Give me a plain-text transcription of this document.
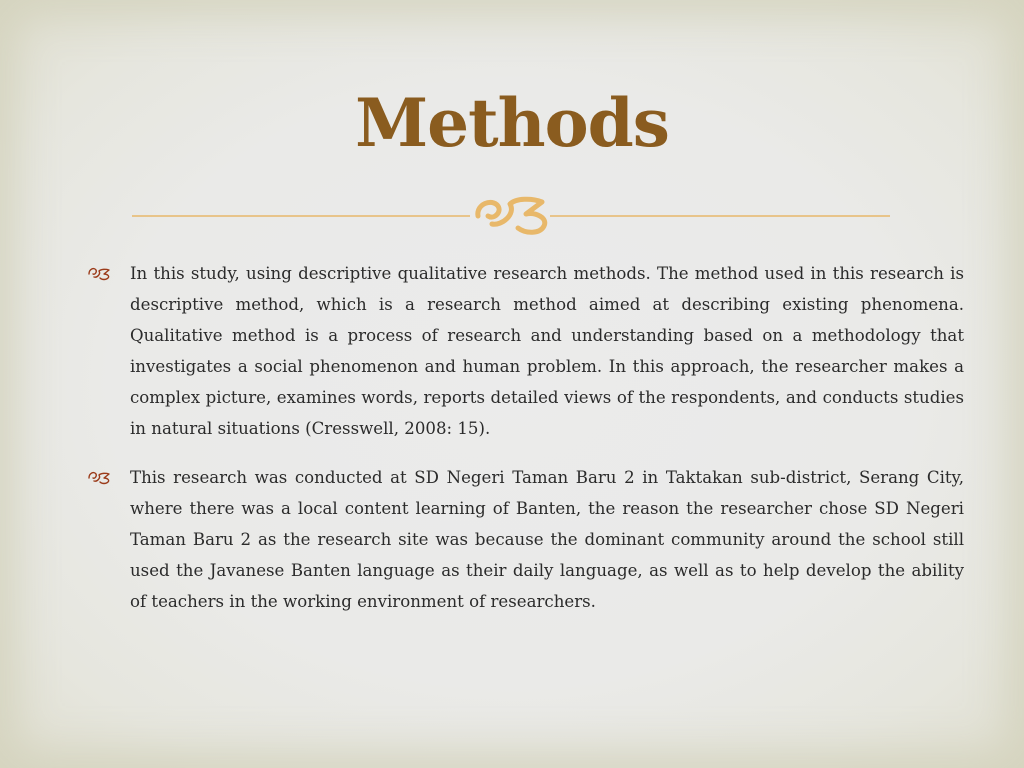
Methods

In this study, using descriptive qualitative research methods. The method used in this research is descriptive method, which is a research method aimed at describing existing phenomena. Qualitative method is a process of research and understanding based on a methodology that investigates a social phenomenon and human problem. In this approach, the researcher makes a complex picture, examines words, reports detailed views of the respondents, and conducts studies in natural situations (Cresswell, 2008: 15).

This research was conducted at SD Negeri Taman Baru 2 in Taktakan sub-district, Serang City, where there was a local content learning of Banten, the reason the researcher chose SD Negeri Taman Baru 2 as the research site was because the dominant community around the school still used the Javanese Banten language as their daily language, as well as to help develop the ability of teachers in the working environment of researchers.
